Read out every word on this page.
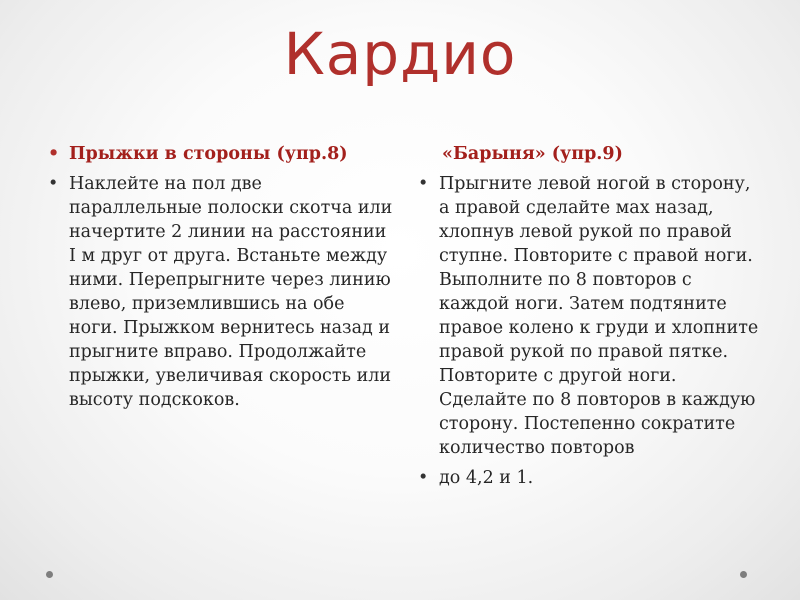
Кардио
• Прыжки в стороны (упр.8)
• Наклейте на пол две параллельные полоски скотча или начертите 2 линии на расстоянии I м друг от друга. Встаньте между ними. Перепрыгните через линию влево, приземлившись на обе ноги. Прыжком вернитесь назад и прыгните вправо. Продолжайте прыжки, увеличивая скорость или высоту подскоков.
«Барыня» (упр.9)
• Прыгните левой ногой в сторону, а правой сделайте мах назад, хлопнув левой рукой по правой ступне. Повторите с правой ноги. Выполните по 8 повторов с каждой ноги. Затем подтяните правое колено к груди и хлопните правой рукой по правой пятке. Повторите с другой ноги. Сделайте по 8 повторов в каждую сторону. Постепенно сократите количество повторов
• до 4,2 и 1.
